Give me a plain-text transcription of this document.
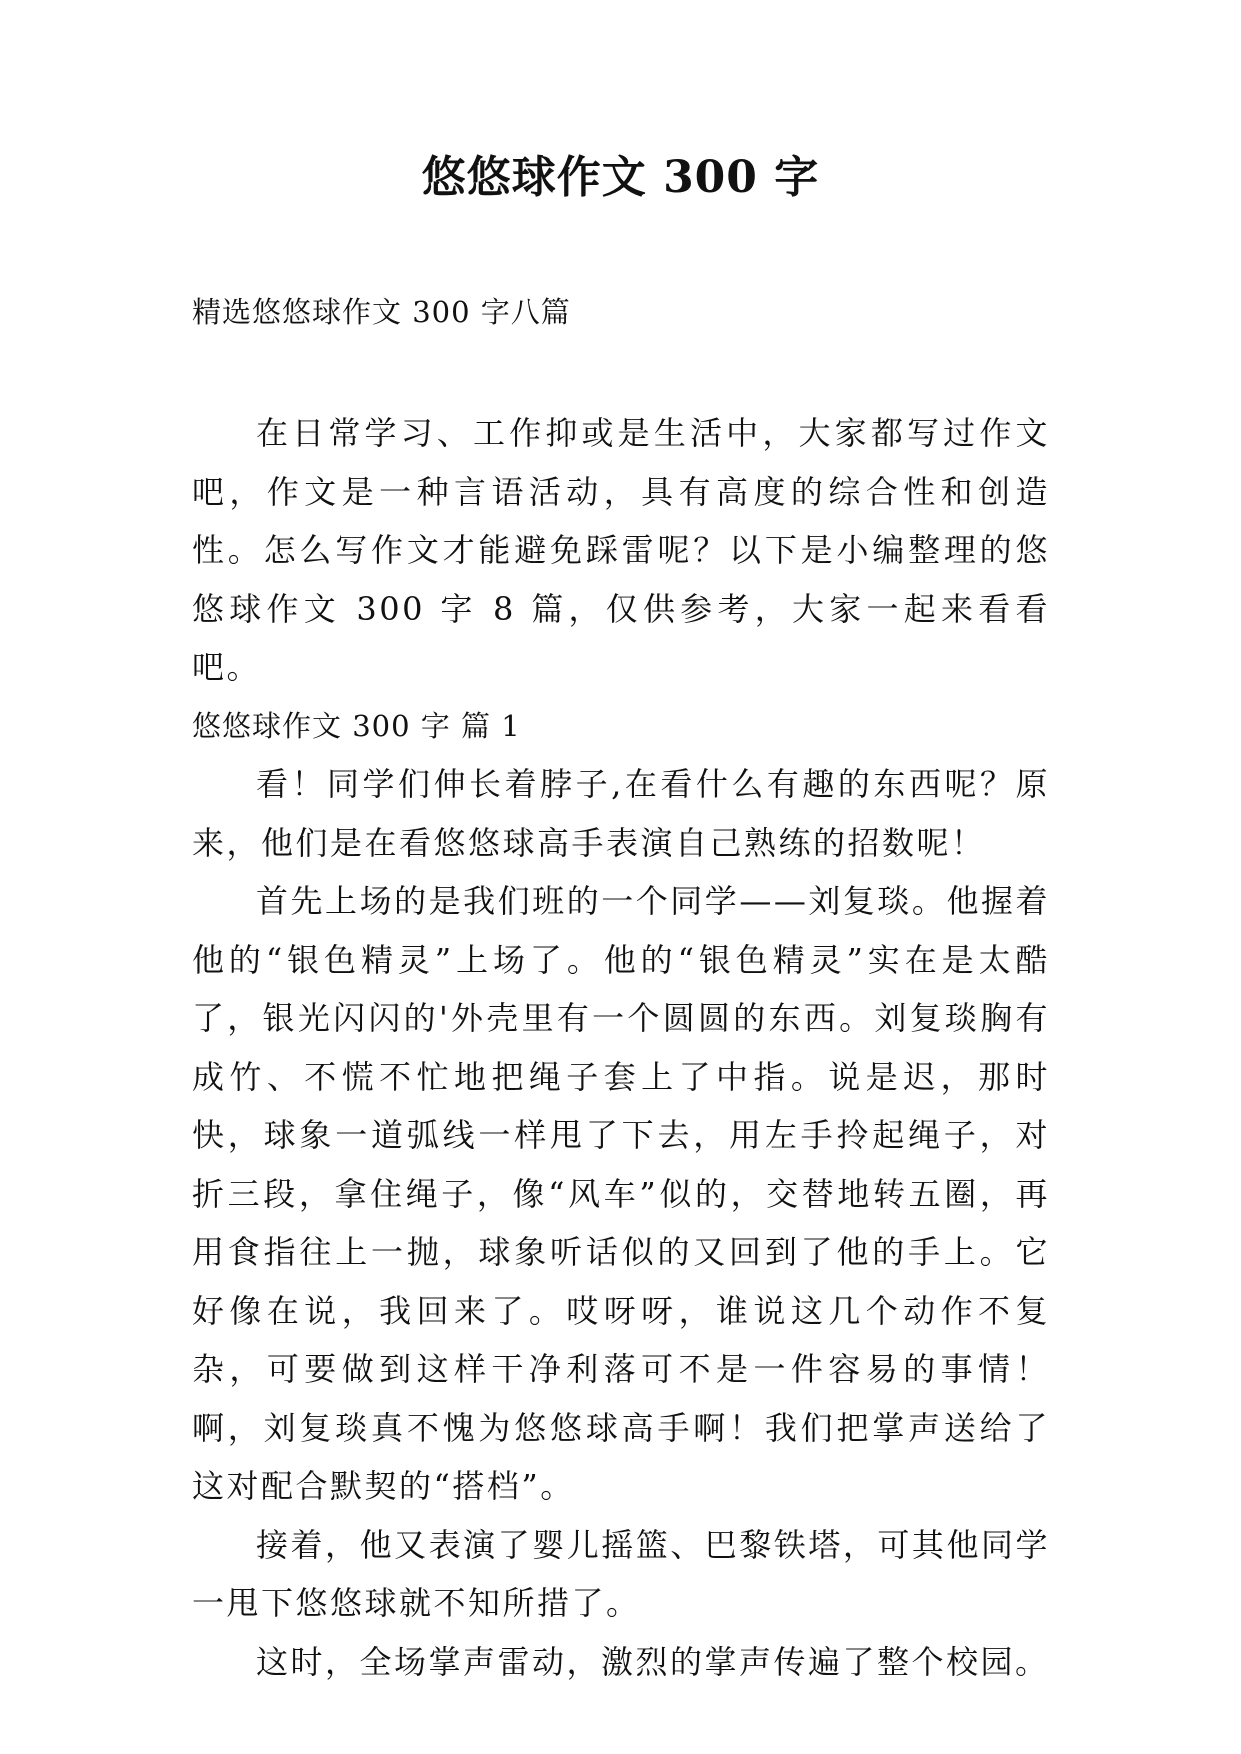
悠悠球作文 300 字
精选悠悠球作文 300 字八篇

在日常学习、工作抑或是生活中，大家都写过作文吧，作文是一种言语活动，具有高度的综合性和创造性。怎么写作文才能避免踩雷呢？以下是小编整理的悠悠球作文 300 字 8 篇，仅供参考，大家一起来看看吧。

悠悠球作文 300 字 篇 1

看！同学们伸长着脖子,在看什么有趣的东西呢？原来，他们是在看悠悠球高手表演自己熟练的招数呢！

首先上场的是我们班的一个同学——刘复琰。他握着他的“银色精灵”上场了。他的“银色精灵”实在是太酷了，银光闪闪的'外壳里有一个圆圆的东西。刘复琰胸有成竹、不慌不忙地把绳子套上了中指。说是迟，那时快，球象一道弧线一样甩了下去，用左手拎起绳子，对折三段，拿住绳子，像“风车”似的，交替地转五圈，再用食指往上一抛，球象听话似的又回到了他的手上。它好像在说，我回来了。哎呀呀，谁说这几个动作不复杂，可要做到这样干净利落可不是一件容易的事情！啊，刘复琰真不愧为悠悠球高手啊！我们把掌声送给了这对配合默契的“搭档”。

接着，他又表演了婴儿摇篮、巴黎铁塔，可其他同学一甩下悠悠球就不知所措了。

这时，全场掌声雷动，激烈的掌声传遍了整个校园。
